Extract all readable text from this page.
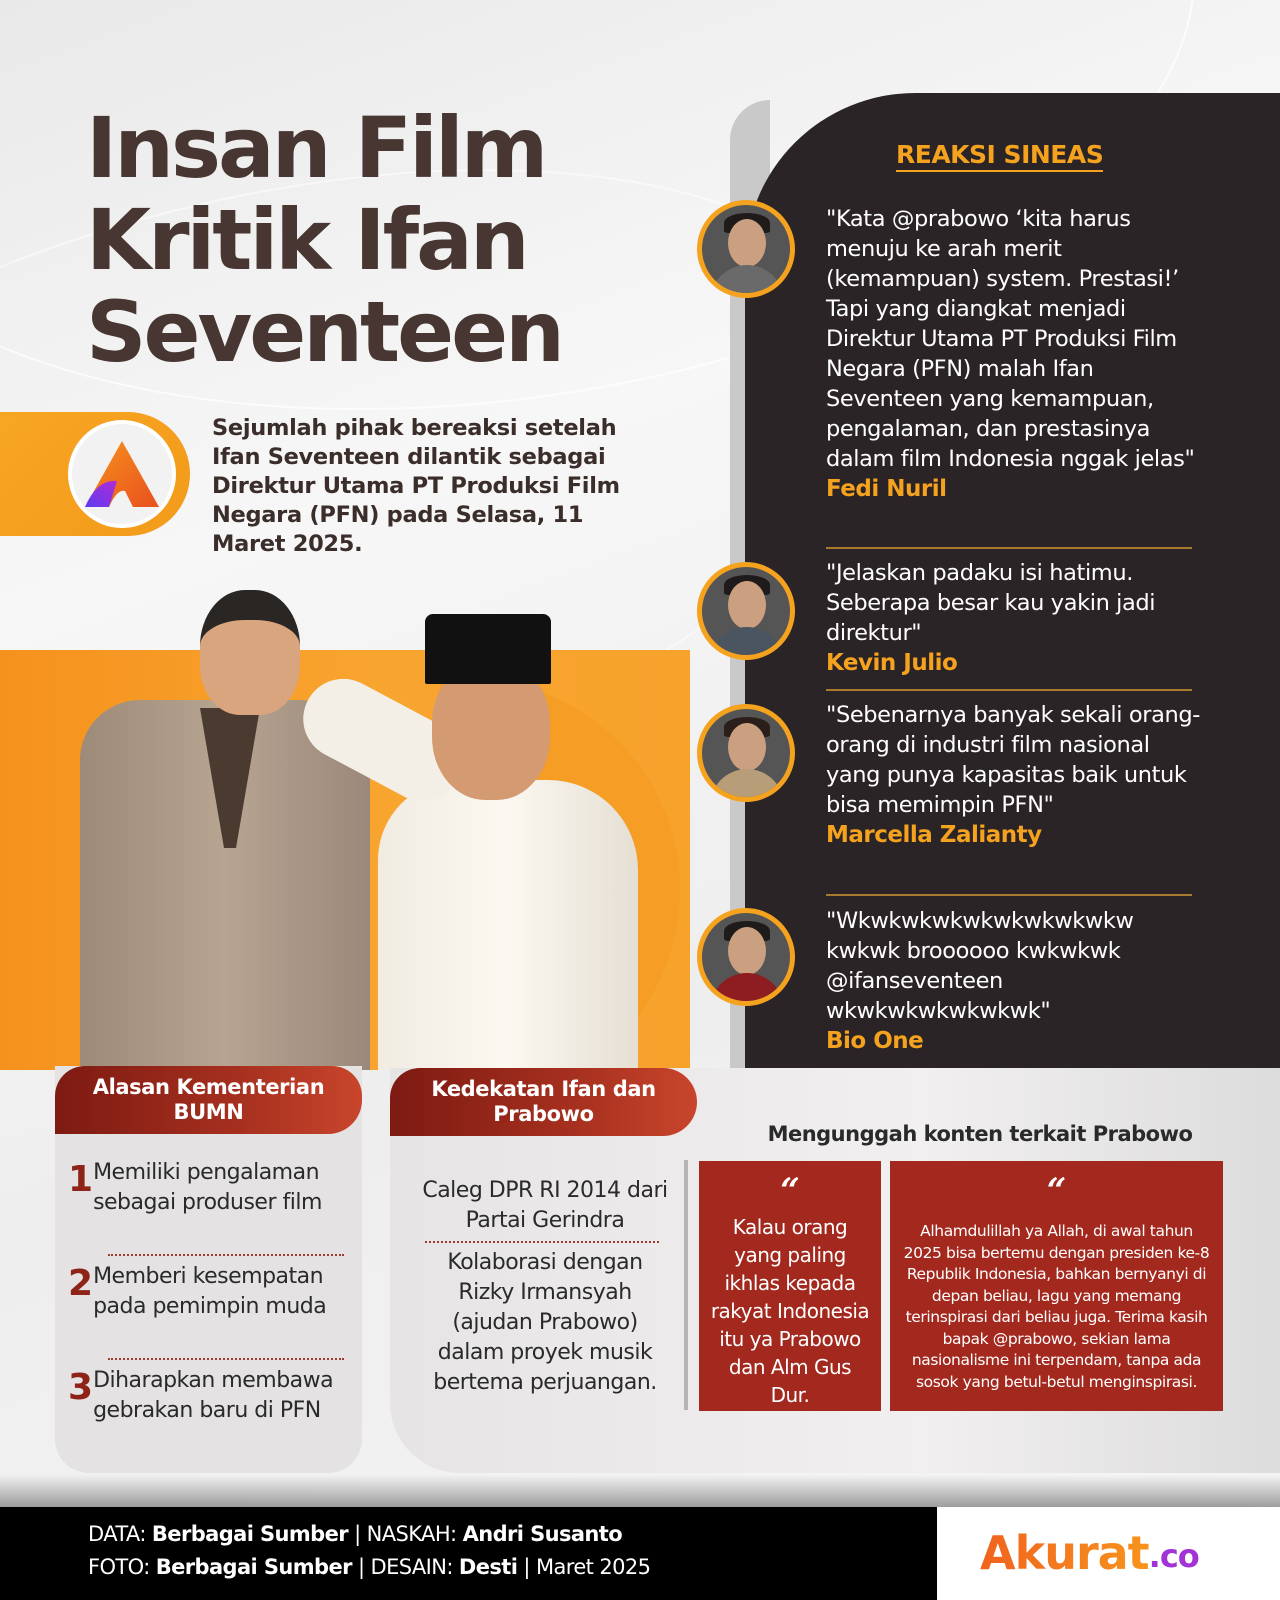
Insan Film
Kritik Ifan
Seventeen

Sejumlah pihak bereaksi setelah Ifan Seventeen dilantik sebagai Direktur Utama PT Produksi Film Negara (PFN) pada Selasa, 11 Maret 2025.

REAKSI SINEAS

"Kata @prabowo ‘kita harus menuju ke arah merit (kemampuan) system. Prestasi!’ Tapi yang diangkat menjadi Direktur Utama PT Produksi Film Negara (PFN) malah Ifan Seventeen yang kemampuan, pengalaman, dan prestasinya dalam film Indonesia nggak jelas"

Fedi Nuril

"Jelaskan padaku isi hatimu. Seberapa besar kau yakin jadi direktur"

Kevin Julio

"Sebenarnya banyak sekali orang-orang di industri film nasional yang punya kapasitas baik untuk bisa memimpin PFN"

Marcella Zalianty

"Wkwkwkwkwkwkwkwkwkw kwkwk broooooo kwkwkwk @ifanseventeen wkwkwkwkwkwkwk"

Bio One

Kedekatan Ifan dan Prabowo
Caleg DPR RI 2014 dari Partai Gerindra
Kolaborasi dengan Rizky Irmansyah (ajudan Prabowo) dalam proyek musik bertema perjuangan.
Alasan Kementerian BUMN
1 Memiliki pengalaman sebagai produser film
2 Memberi kesempatan pada pemimpin muda
3 Diharapkan membawa gebrakan baru di PFN
Mengunggah konten terkait Prabowo
“

Kalau orang yang paling ikhlas kepada rakyat Indonesia itu ya Prabowo dan Alm Gus Dur.

“

Alhamdulillah ya Allah, di awal tahun 2025 bisa bertemu dengan presiden ke-8 Republik Indonesia, bahkan bernyanyi di depan beliau, lagu yang memang terinspirasi dari beliau juga. Terima kasih bapak @prabowo, sekian lama nasionalisme ini terpendam, tanpa ada sosok yang betul-betul menginspirasi.

DATA: Berbagai Sumber | NASKAH: Andri Susanto
FOTO: Berbagai Sumber | DESAIN: Desti | Maret 2025	Akurat .co
